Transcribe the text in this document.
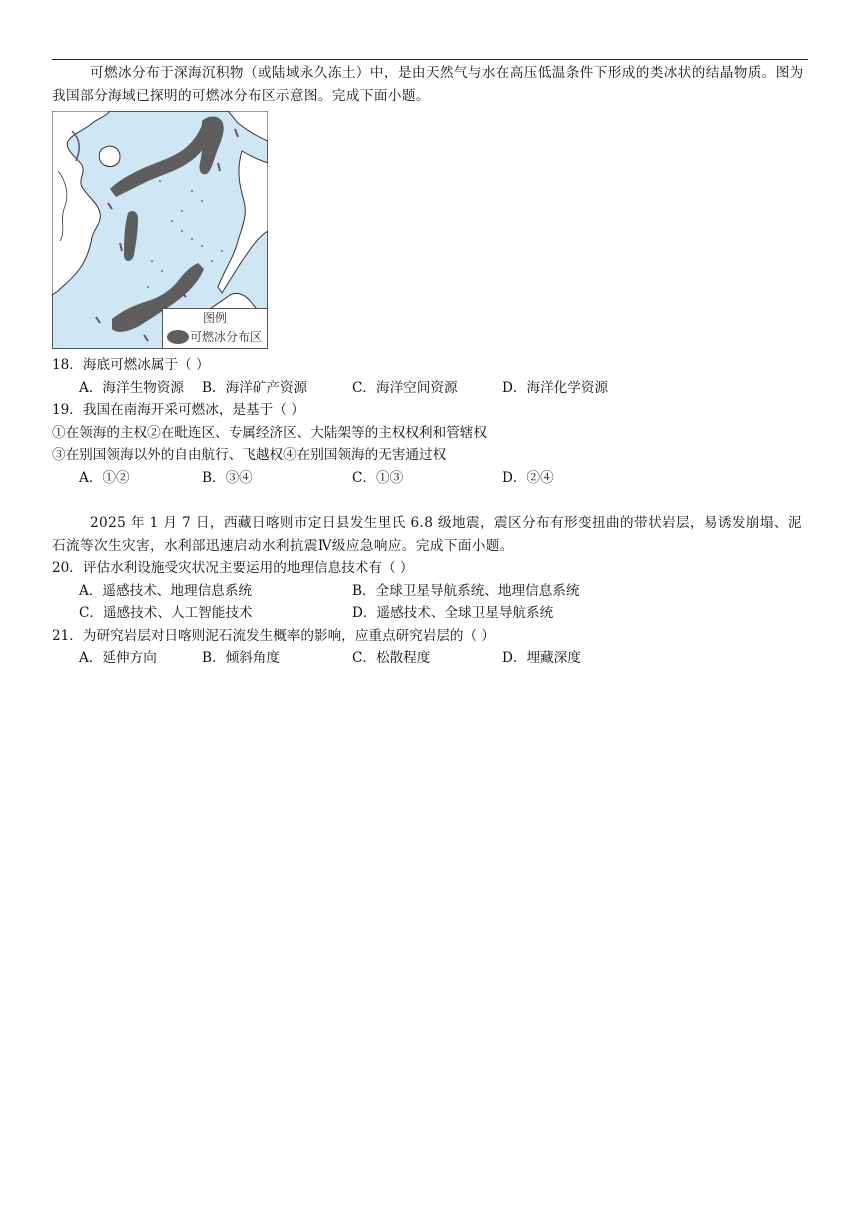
可燃冰分布于深海沉积物（或陆域永久冻土）中，是由天然气与水在高压低温条件下形成的类冰状的结晶物质。图为我国部分海域已探明的可燃冰分布区示意图。完成下面小题。
图例
可燃冰分布区
18．海底可燃冰属于（ ）
A．海洋生物资源 B．海洋矿产资源	C．海洋空间资源	D．海洋化学资源
19．我国在南海开采可燃冰，是基于（ ）
①在领海的主权②在毗连区、专属经济区、大陆架等的主权权利和管辖权
③在别国领海以外的自由航行、飞越权④在别国领海的无害通过权
A．①②	B．③④	C．①③	D．②④
2025 年 1 月 7 日，西藏日喀则市定日县发生里氏 6.8 级地震，震区分布有形变扭曲的带状岩层，易诱发崩塌、泥石流等次生灾害，水利部迅速启动水利抗震Ⅳ级应急响应。完成下面小题。
20．评估水利设施受灾状况主要运用的地理信息技术有（ ）
A．遥感技术、地理信息系统	B．全球卫星导航系统、地理信息系统
C．遥感技术、人工智能技术	D．遥感技术、全球卫星导航系统
21．为研究岩层对日喀则泥石流发生概率的影响，应重点研究岩层的（ ）
A．延伸方向	B．倾斜角度	C．松散程度	D．埋藏深度
